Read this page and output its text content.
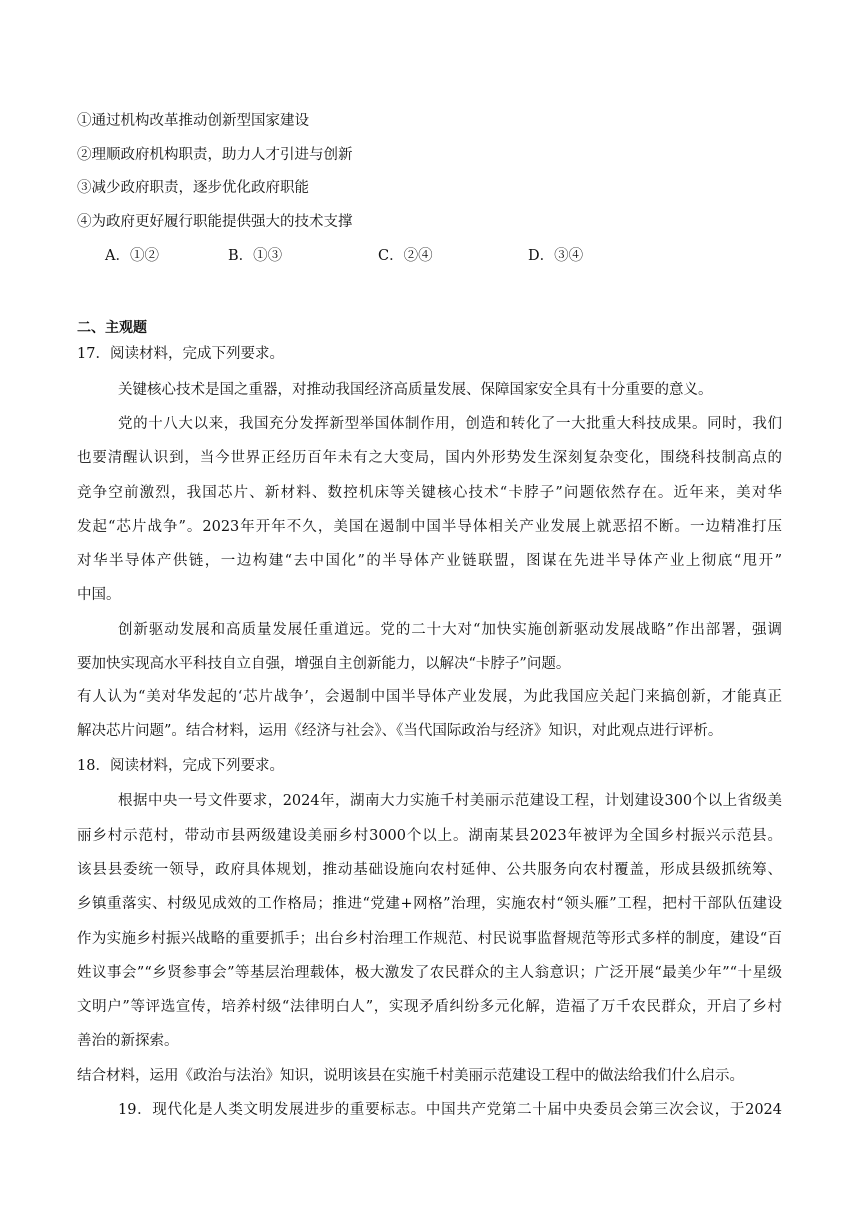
①通过机构改革推动创新型国家建设
②理顺政府机构职责，助力人才引进与创新
③减少政府职责，逐步优化政府职能
④为政府更好履行职能提供强大的技术支撑
A．①②	B．①③	C．②④	D．③④
二、主观题
17．阅读材料，完成下列要求。
关键核心技术是国之重器，对推动我国经济高质量发展、保障国家安全具有十分重要的意义。
党的十八大以来，我国充分发挥新型举国体制作用，创造和转化了一大批重大科技成果。同时，我们
也要清醒认识到，当今世界正经历百年未有之大变局，国内外形势发生深刻复杂变化，围绕科技制高点的
竞争空前激烈，我国芯片、新材料、数控机床等关键核心技术“卡脖子”问题依然存在。近年来，美对华
发起“芯片战争”。2023年开年不久，美国在遏制中国半导体相关产业发展上就恶招不断。一边精准打压
对华半导体产供链，一边构建“去中国化”的半导体产业链联盟，图谋在先进半导体产业上彻底“甩开”
中国。
创新驱动发展和高质量发展任重道远。党的二十大对“加快实施创新驱动发展战略”作出部署，强调
要加快实现高水平科技自立自强，增强自主创新能力，以解决“卡脖子”问题。
有人认为“美对华发起的‘芯片战争’，会遏制中国半导体产业发展，为此我国应关起门来搞创新，才能真正
解决芯片问题”。结合材料，运用《经济与社会》、《当代国际政治与经济》知识，对此观点进行评析。
18．阅读材料，完成下列要求。
根据中央一号文件要求，2024年，湖南大力实施千村美丽示范建设工程，计划建设300个以上省级美
丽乡村示范村，带动市县两级建设美丽乡村3000个以上。湖南某县2023年被评为全国乡村振兴示范县。
该县县委统一领导，政府具体规划，推动基础设施向农村延伸、公共服务向农村覆盖，形成县级抓统筹、
乡镇重落实、村级见成效的工作格局；推进“党建+网格”治理，实施农村“领头雁”工程，把村干部队伍建设
作为实施乡村振兴战略的重要抓手；出台乡村治理工作规范、村民说事监督规范等形式多样的制度，建设“百
姓议事会”“乡贤参事会”等基层治理载体，极大激发了农民群众的主人翁意识；广泛开展“最美少年”“十星级
文明户”等评选宣传，培养村级“法律明白人”，实现矛盾纠纷多元化解，造福了万千农民群众，开启了乡村
善治的新探索。
结合材料，运用《政治与法治》知识，说明该县在实施千村美丽示范建设工程中的做法给我们什么启示。
19．现代化是人类文明发展进步的重要标志。中国共产党第二十届中央委员会第三次会议，于2024
